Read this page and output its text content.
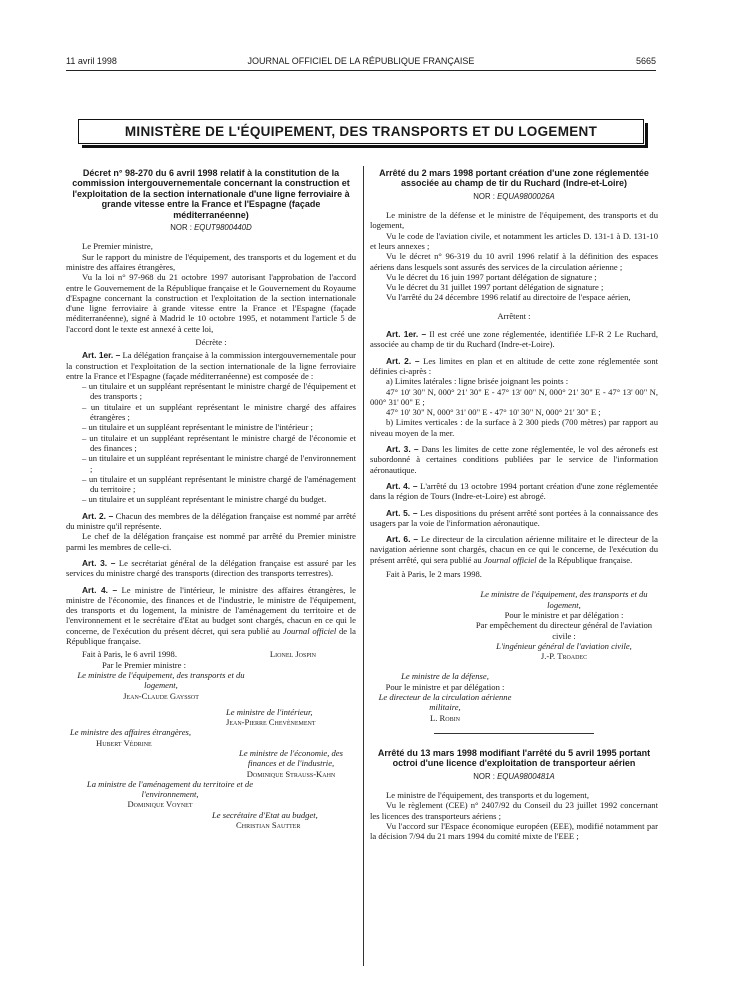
11 avril 1998	JOURNAL OFFICIEL DE LA RÉPUBLIQUE FRANÇAISE	5665
MINISTÈRE DE L'ÉQUIPEMENT, DES TRANSPORTS ET DU LOGEMENT

Décret n° 98-270 du 6 avril 1998 relatif à la constitution de la commission intergouvernementale concernant la construction et l'exploitation de la section internationale d'une ligne ferroviaire à grande vitesse entre la France et l'Espagne (façade méditerranéenne)

NOR : EQUT9800440D

Le Premier ministre,

Sur le rapport du ministre de l'équipement, des transports et du logement et du ministre des affaires étrangères,

Vu la loi n° 97-968 du 21 octobre 1997 autorisant l'approbation de l'accord entre le Gouvernement de la République française et le Gouvernement du Royaume d'Espagne concernant la construction et l'exploitation de la section internationale d'une ligne ferroviaire à grande vitesse entre la France et l'Espagne (façade méditerranéenne), signé à Madrid le 10 octobre 1995, et notamment l'article 5 de l'accord dont le texte est annexé à cette loi,

Décrète :

Art. 1er. – La délégation française à la commission intergouvernementale pour la construction et l'exploitation de la section internationale de la ligne ferroviaire entre la France et l'Espagne (façade méditerranéenne) est composée de :

– un titulaire et un suppléant représentant le ministre chargé de l'équipement et des transports ;

– un titulaire et un suppléant représentant le ministre chargé des affaires étrangères ;

– un titulaire et un suppléant représentant le ministre de l'intérieur ;

– un titulaire et un suppléant représentant le ministre chargé de l'économie et des finances ;

– un titulaire et un suppléant représentant le ministre chargé de l'environnement ;

– un titulaire et un suppléant représentant le ministre chargé de l'aménagement du territoire ;

– un titulaire et un suppléant représentant le ministre chargé du budget.

Art. 2. – Chacun des membres de la délégation française est nommé par arrêté du ministre qu'il représente.

Le chef de la délégation française est nommé par arrêté du Premier ministre parmi les membres de celle-ci.

Art. 3. – Le secrétariat général de la délégation française est assuré par les services du ministre chargé des transports (direction des transports terrestres).

Art. 4. – Le ministre de l'intérieur, le ministre des affaires étrangères, le ministre de l'économie, des finances et de l'industrie, le ministre de l'équipement, des transports et du logement, la ministre de l'aménagement du territoire et de l'environnement et le secrétaire d'Etat au budget sont chargés, chacun en ce qui le concerne, de l'exécution du présent décret, qui sera publié au Journal officiel de la République française.

Fait à Paris, le 6 avril 1998.	Lionel Jospin

Par le Premier ministre :

Le ministre de l'équipement, des transports et du logement,

Jean-Claude Gayssot

Le ministre de l'intérieur,

Jean-Pierre Chevènement

Le ministre des affaires étrangères,

Hubert Védrine

Le ministre de l'économie, des finances et de l'industrie,

Dominique Strauss-Kahn

La ministre de l'aménagement du territoire et de l'environnement,

Dominique Voynet

Le secrétaire d'Etat au budget,

Christian Sautter

Arrêté du 2 mars 1998 portant création d'une zone réglementée associée au champ de tir du Ruchard (Indre-et-Loire)

NOR : EQUA9800026A

Le ministre de la défense et le ministre de l'équipement, des transports et du logement,

Vu le code de l'aviation civile, et notamment les articles D. 131-1 à D. 131-10 et leurs annexes ;

Vu le décret n° 96-319 du 10 avril 1996 relatif à la définition des espaces aériens dans lesquels sont assurés des services de la circulation aérienne ;

Vu le décret du 16 juin 1997 portant délégation de signature ;

Vu le décret du 31 juillet 1997 portant délégation de signature ;

Vu l'arrêté du 24 décembre 1996 relatif au directoire de l'espace aérien,

Arrêtent :

Art. 1er. – Il est créé une zone réglementée, identifiée LF-R 2 Le Ruchard, associée au champ de tir du Ruchard (Indre-et-Loire).

Art. 2. – Les limites en plan et en altitude de cette zone réglementée sont définies ci-après :

a) Limites latérales : ligne brisée joignant les points :

47° 10' 30" N, 000° 21' 30" E - 47° 13' 00" N, 000° 21' 30" E - 47° 13' 00" N, 000° 31' 00" E ;

47° 10' 30" N, 000° 31' 00" E - 47° 10' 30" N, 000° 21' 30" E ;

b) Limites verticales : de la surface à 2 300 pieds (700 mètres) par rapport au niveau moyen de la mer.

Art. 3. – Dans les limites de cette zone réglementée, le vol des aéronefs est subordonné à certaines conditions publiées par le service de l'information aéronautique.

Art. 4. – L'arrêté du 13 octobre 1994 portant création d'une zone réglementée dans la région de Tours (Indre-et-Loire) est abrogé.

Art. 5. – Les dispositions du présent arrêté sont portées à la connaissance des usagers par la voie de l'information aéronautique.

Art. 6. – Le directeur de la circulation aérienne militaire et le directeur de la navigation aérienne sont chargés, chacun en ce qui le concerne, de l'exécution du présent arrêté, qui sera publié au Journal officiel de la République française.

Fait à Paris, le 2 mars 1998.

Le ministre de l'équipement, des transports et du logement,

Pour le ministre et par délégation :

Par empêchement du directeur général de l'aviation civile :

L'ingénieur général de l'aviation civile,

J.-P. Troadec

Le ministre de la défense,

Pour le ministre et par délégation :

Le directeur de la circulation aérienne militaire,

L. Robin

Arrêté du 13 mars 1998 modifiant l'arrêté du 5 avril 1995 portant octroi d'une licence d'exploitation de transporteur aérien

NOR : EQUA9800481A

Le ministre de l'équipement, des transports et du logement,

Vu le règlement (CEE) n° 2407/92 du Conseil du 23 juillet 1992 concernant les licences des transporteurs aériens ;

Vu l'accord sur l'Espace économique européen (EEE), modifié notamment par la décision 7/94 du 21 mars 1994 du comité mixte de l'EEE ;
